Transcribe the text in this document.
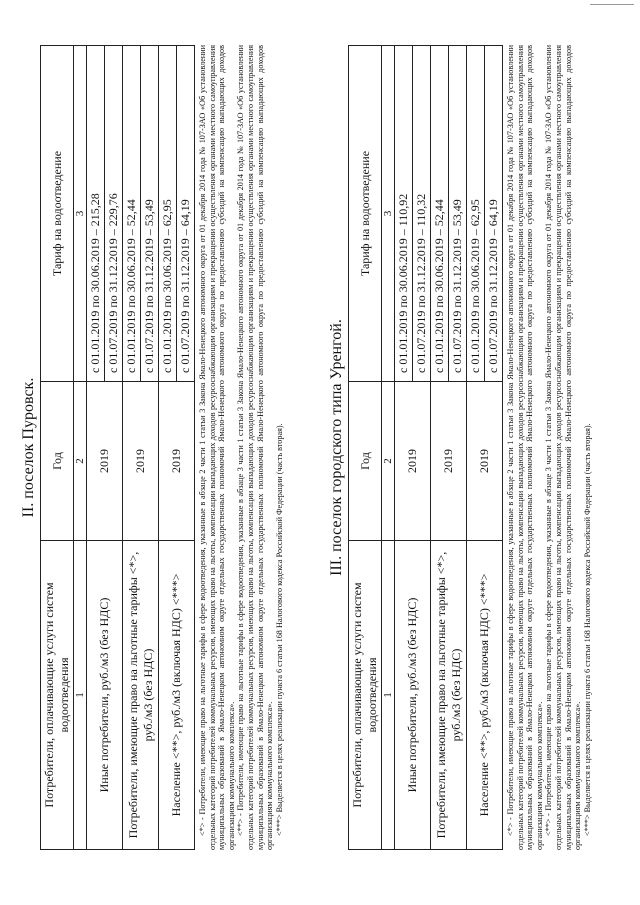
II. поселок Пуровск.
Потребители, оплачивающие услуги систем водоотведения	Год	Тариф на водоотведение
1	2	3
Иные потребители, руб./м3 (без НДС)	2019	с 01.01.2019 по 30.06.2019 – 215,28
		с 01.07.2019 по 31.12.2019 – 229,76
Потребители, имеющие право на льготные тарифы <*>, руб./м3 (без НДС)	2019	с 01.01.2019 по 30.06.2019 – 52,44
		с 01.07.2019 по 31.12.2019 – 53,49
Население <**>, руб./м3 (включая НДС) <***>	2019	с 01.01.2019 по 30.06.2019 – 62,95
		с 01.07.2019 по 31.12.2019 – 64,19 <*> - Потребители, имеющие право на льготные тарифы в сфере водоотведения, указанные в абзаце 2 части 1 статьи 3 Закона Ямало-Ненецкого автономного округа от 01 декабря 2014 года № 107-ЗАО «Об установлении отдельных категорий потребителей коммунальных ресурсов, имеющих право на льготы, компенсации выпадающих доходов ресурсоснабжающим организациям и прекращении осуществления органами местного самоуправления муниципальных образований в Ямало-Ненецком автономном округе отдельных государственных полномочий Ямало-Ненецкого автономного округа по предоставлению субсидий на компенсацию выпадающих доходов организациям коммунального комплекса». <**> - Потребители, имеющие право на льготные тарифы в сфере водоотведения, указанные в абзаце 3 части 1 статьи 3 Закона Ямало-Ненецкого автономного округа от 01 декабря 2014 года № 107-ЗАО «Об установлении отдельных категорий потребителей коммунальных ресурсов, имеющих право на льготы, компенсации выпадающих доходов ресурсоснабжающим организациям и прекращении осуществления органами местного самоуправления муниципальных образований в Ямало-Ненецком автономном округе отдельных государственных полномочий Ямало-Ненецкого автономного округа по предоставлению субсидий на компенсацию выпадающих доходов организациям коммунального комплекса». <***> Выделяется в целях реализации пункта 6 статьи 168 Налогового кодекса Российской Федерации (часть вторая).	III. поселок городского типа Уренгой.
Потребители, оплачивающие услуги систем водоотведения	Год	Тариф на водоотведение
1	2	3
Иные потребители, руб./м3 (без НДС)	2019	с 01.01.2019 по 30.06.2019 – 110,92
		с 01.07.2019 по 31.12.2019 – 110,32
Потребители, имеющие право на льготные тарифы <*>, руб./м3 (без НДС)	2019	с 01.01.2019 по 30.06.2019 – 52,44
		с 01.07.2019 по 31.12.2019 – 53,49
Население <**>, руб./м3 (включая НДС) <***>	2019	с 01.01.2019 по 30.06.2019 – 62,95
		с 01.07.2019 по 31.12.2019 – 64,19 <*> - Потребители, имеющие право на льготные тарифы в сфере водоотведения, указанные в абзаце 2 части 1 статьи 3 Закона Ямало-Ненецкого автономного округа от 01 декабря 2014 года № 107-ЗАО «Об установлении отдельных категорий потребителей коммунальных ресурсов, имеющих право на льготы, компенсации выпадающих доходов ресурсоснабжающим организациям и прекращении осуществления органами местного самоуправления муниципальных образований в Ямало-Ненецком автономном округе отдельных государственных полномочий Ямало-Ненецкого автономного округа по предоставлению субсидий на компенсацию выпадающих доходов организациям коммунального комплекса». <**> - Потребители, имеющие право на льготные тарифы в сфере водоотведения, указанные в абзаце 3 части 1 статьи 3 Закона Ямало-Ненецкого автономного округа от 01 декабря 2014 года № 107-ЗАО «Об установлении отдельных категорий потребителей коммунальных ресурсов, имеющих право на льготы, компенсации выпадающих доходов ресурсоснабжающим организациям и прекращении осуществления органами местного самоуправления муниципальных образований в Ямало-Ненецком автономном округе отдельных государственных полномочий Ямало-Ненецкого автономного округа по предоставлению субсидий на компенсацию выпадающих доходов организациям коммунального комплекса». <***> Выделяется в целях реализации пункта 6 статьи 168 Налогового кодекса Российской Федерации (часть вторая).
